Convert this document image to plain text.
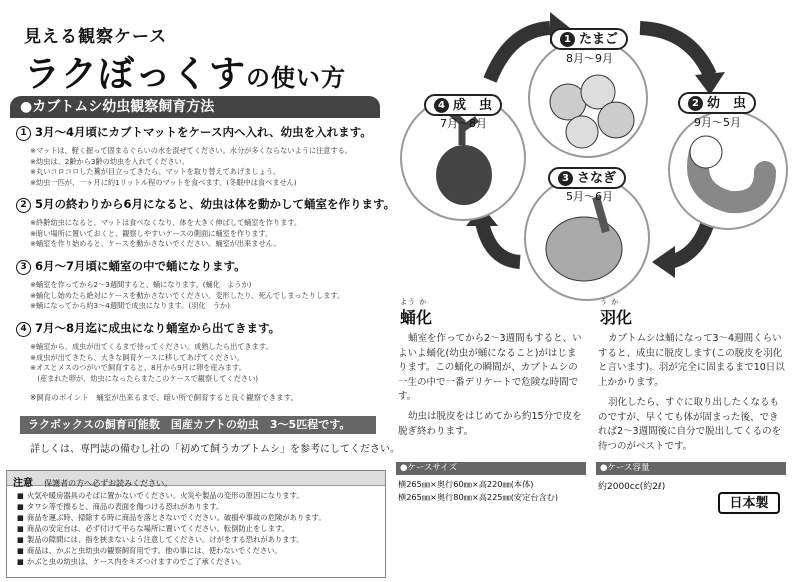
見える観察ケース
ラクぼっくすの使い方
●カブトムシ幼虫観察飼育方法
1 3月〜4月頃にカブトマットをケース内へ入れ、幼虫を入れます。
※マットは、軽く握って固まるぐらいの水を混ぜてください。水分が多くならないように注意する。
※幼虫は、2齢から3齢の幼虫を入れてください。
※丸いコロコロした糞が目立ってきたら、マットを取り替えてあげましょう。
※幼虫一匹が、一ヶ月に約1リットル程のマットを食べます。(冬眠中は食べません)
2 5月の終わりから6月になると、幼虫は体を動かして蛹室を作ります。
※終齢幼虫になると、マットは食べなくなり、体を大きく伸ばして蛹室を作ります。
※暗い場所に置いておくと、観察しやすいケースの側面に蛹室を作ります。
※蛹室を作り始めると、ケースを動かさないでください。蛹室が出来ません。
3 6月〜7月頃に蛹室の中で蛹になります。
※蛹室を作ってから2〜3週間すると、蛹になります。(蛹化　ようか)
※蛹化し始めたら絶対にケースを動かさないでください。変形したり、死んでしまったりします。
※蛹になってから約3〜4週間で成虫になります。(羽化　うか)
4 7月〜8月迄に成虫になり蛹室から出てきます。
※蛹室から、成虫が出てくるまで待ってください。成熟したら出てきます。
※成虫が出てきたら、大きな飼育ケースに移してあげてください。
※オスとメスのつがいで飼育すると、8月から9月に卵を産みます。
　(産まれた卵が、幼虫になったらまたこのケースで観察してください)
※飼育のポイント　蛹室が出来るまで、暗い所で飼育すると良く観察できます。
ラクボックスの飼育可能数　国産カブトの幼虫　3〜5匹程です。
詳しくは、専門誌の備むし社の「初めて飼うカブトムシ」を参考にしてください。
注意 保護者の方へ必ずお読みください。
■ 火気や暖房器具のそばに置かないでください。火災や製品の変形の原因になります。
■ タワシ等で擦ると、商品の表面を傷つける恐れがあります。
■ 商品を運ぶ時、掃除する時に商品を落とさないでください。破損や事故の危険があります。
■ 商品の安定台は、必ず付けて平らな場所に置いてください。転倒防止をします。
■ 製品の隙間には、指を挟まないよう注意してください。けがをする恐れがあります。
■ 商品は、かぶと虫幼虫の観察飼育用です。他の事には、使わないでください。
■ かぶと虫の幼虫は、ケース内をキズつけますのでご了承ください。
1 たまご
8月〜9月
2 幼　虫
9月〜5月
3 さなぎ
5月〜6月
4 成　虫
7月〜8月
よう か
蛹化
蛹室を作ってから2〜3週間もすると、いよいよ蛹化(幼虫が蛹になること)がはじまります。この蛹化の瞬間が、カブトムシの一生の中で一番デリケートで危険な時間です。
幼虫は脱皮をはじめてから約15分で皮を脱ぎ終わります。
う か
羽化
カブトムシは蛹になって3〜4週間くらいすると、成虫に脱皮します(この脱皮を羽化と言います)。羽が完全に固まるまで10日以上かかります。
羽化したら、すぐに取り出したくなるものですが、早くても体が固まった後、できれば2〜3週間後に自分で脱出してくるのを待つのがベストです。
●ケースサイズ
横265㎜×奥行60㎜×高220㎜(本体)
横265㎜×奥行80㎜×高225㎜(安定台含む)
●ケース容量
約2000cc(約2ℓ)
日本製
